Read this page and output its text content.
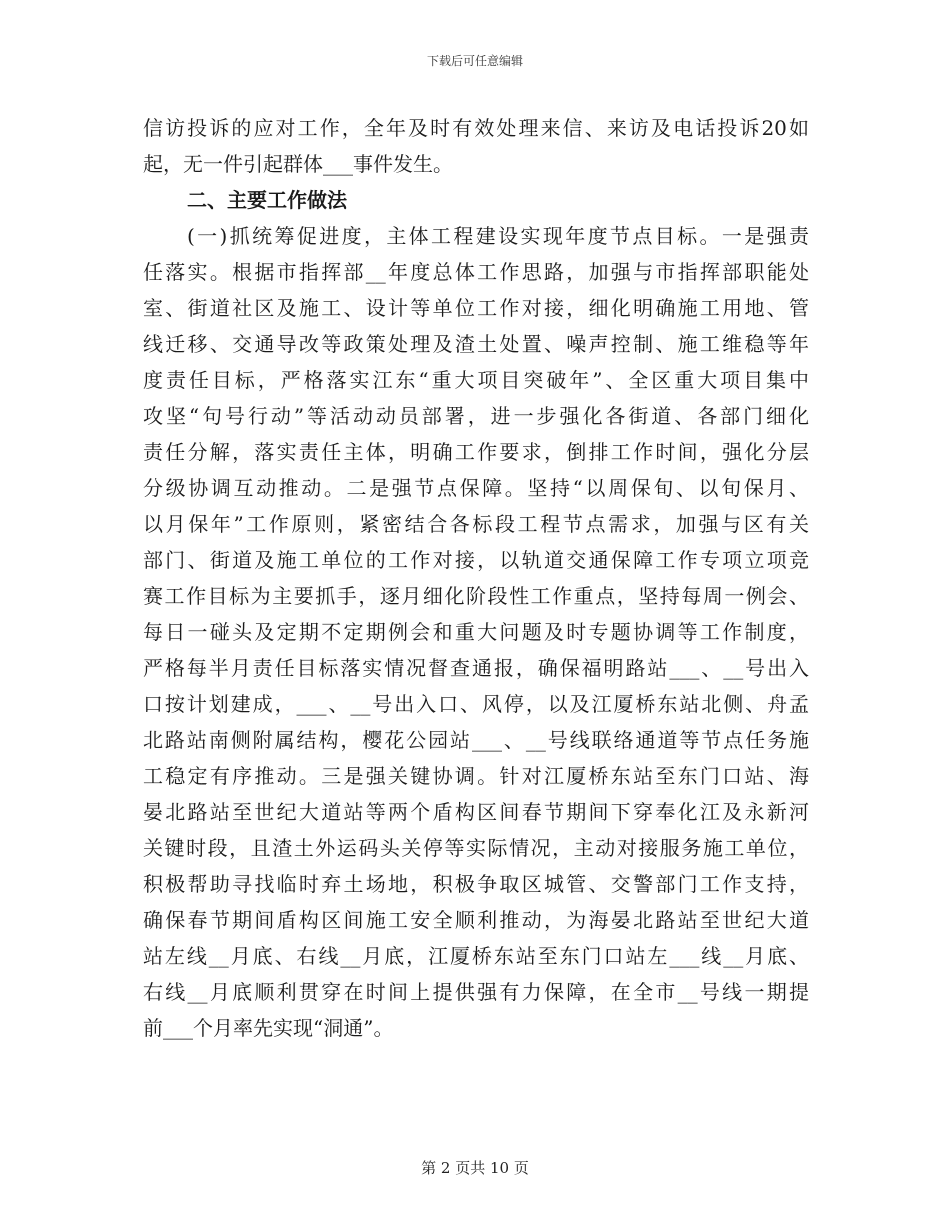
下载后可任意编辑
信访投诉的应对工作，全年及时有效处理来信、来访及电话投诉20如
起，无一件引起群体___事件发生。
二、主要工作做法
(一)抓统筹促进度，主体工程建设实现年度节点目标。一是强责
任落实。根据市指挥部__年度总体工作思路，加强与市指挥部职能处
室、街道社区及施工、设计等单位工作对接，细化明确施工用地、管
线迁移、交通导改等政策处理及渣土处置、噪声控制、施工维稳等年
度责任目标，严格落实江东“重大项目突破年”、全区重大项目集中
攻坚“句号行动”等活动动员部署，进一步强化各街道、各部门细化
责任分解，落实责任主体，明确工作要求，倒排工作时间，强化分层
分级协调互动推动。二是强节点保障。坚持“以周保旬、以旬保月、
以月保年”工作原则，紧密结合各标段工程节点需求，加强与区有关
部门、街道及施工单位的工作对接，以轨道交通保障工作专项立项竞
赛工作目标为主要抓手，逐月细化阶段性工作重点，坚持每周一例会、
每日一碰头及定期不定期例会和重大问题及时专题协调等工作制度，
严格每半月责任目标落实情况督查通报，确保福明路站___、__号出入
口按计划建成，___、__号出入口、风停，以及江厦桥东站北侧、舟孟
北路站南侧附属结构，樱花公园站___、__号线联络通道等节点任务施
工稳定有序推动。三是强关键协调。针对江厦桥东站至东门口站、海
晏北路站至世纪大道站等两个盾构区间春节期间下穿奉化江及永新河
关键时段，且渣土外运码头关停等实际情况，主动对接服务施工单位，
积极帮助寻找临时弃土场地，积极争取区城管、交警部门工作支持，
确保春节期间盾构区间施工安全顺利推动，为海晏北路站至世纪大道
站左线__月底、右线__月底，江厦桥东站至东门口站左___线__月底、
右线__月底顺利贯穿在时间上提供强有力保障，在全市__号线一期提
前___个月率先实现“洞通”。
第 2 页共 10 页
